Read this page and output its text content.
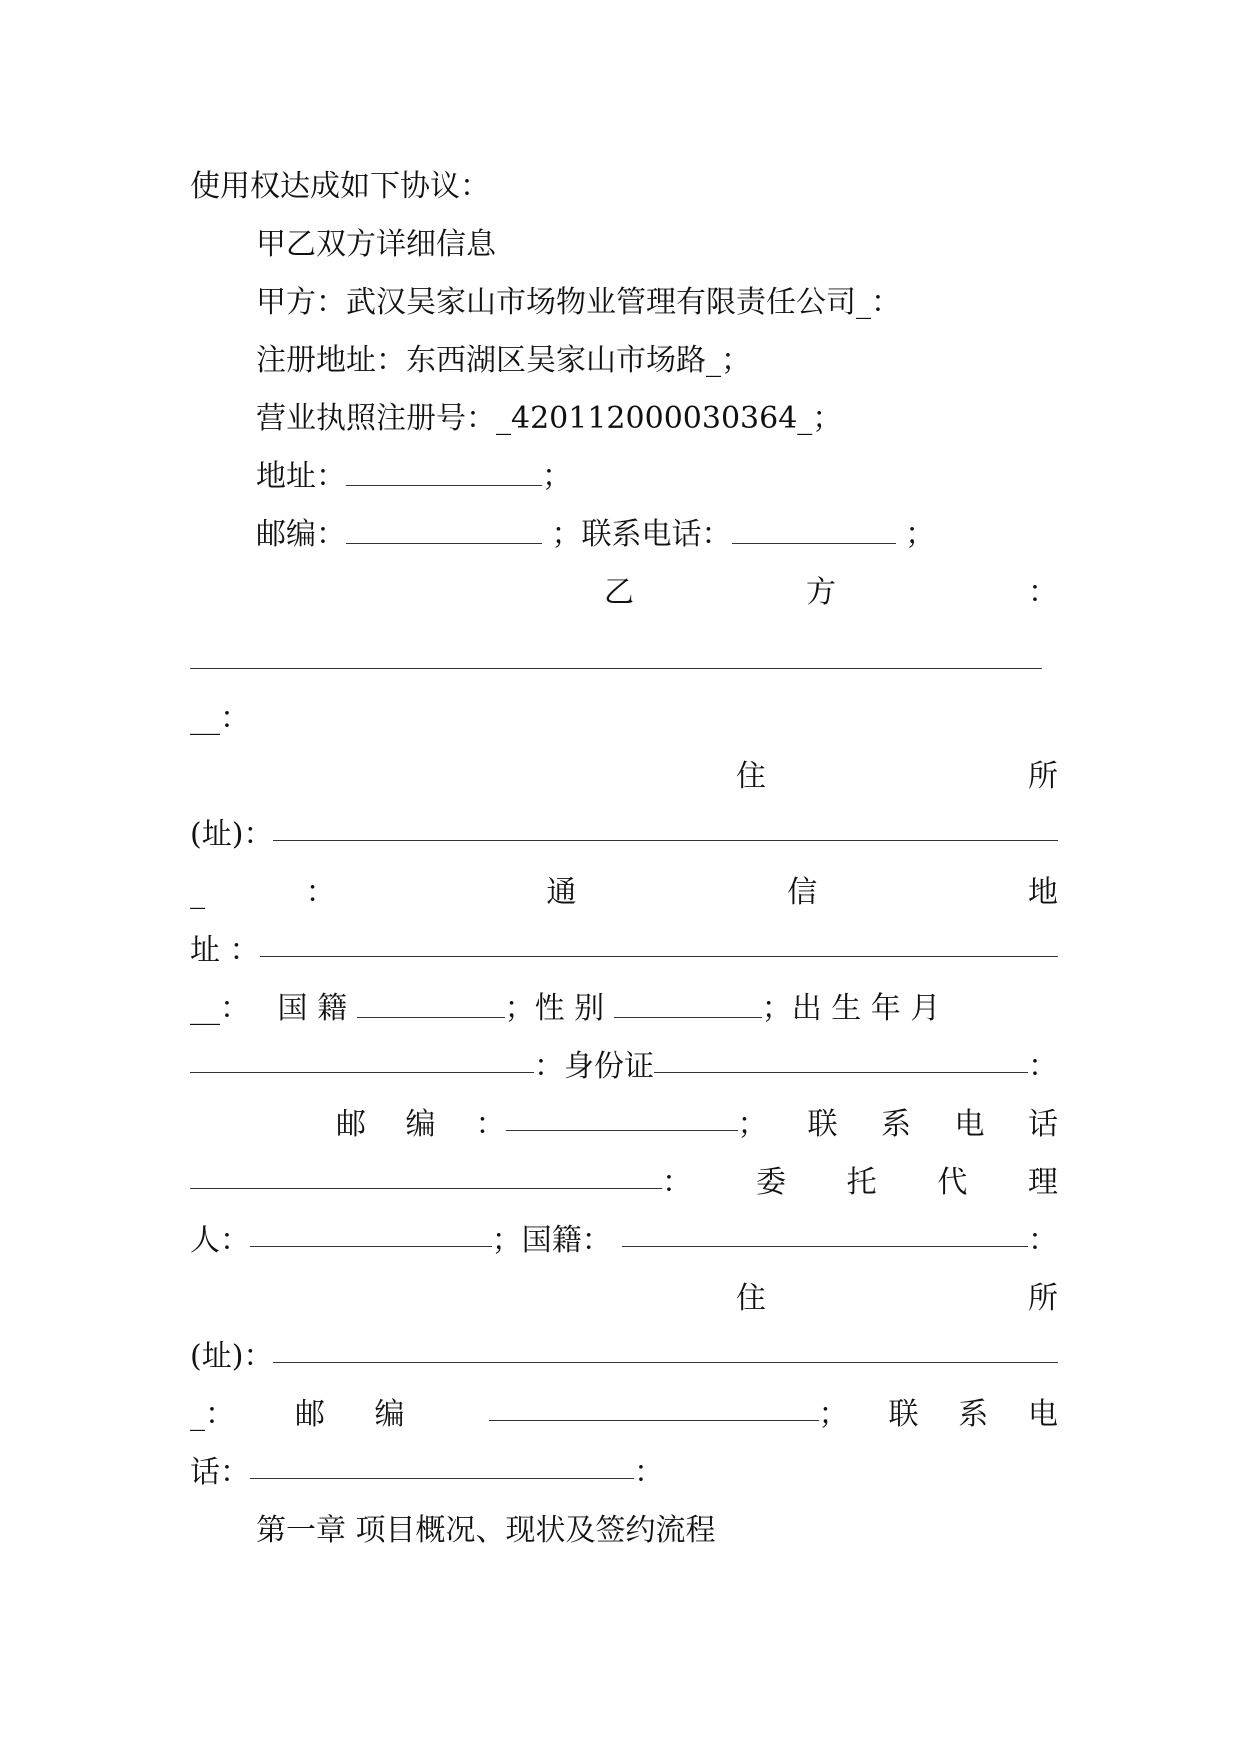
使用权达成如下协议：
甲乙双方详细信息
甲方：武汉吴家山市场物业管理有限责任公司_：
注册地址：东西湖区吴家山市场路_；
营业执照注册号：_420112000030364_；
地址：	；
邮编：	；联系电话：	；
乙	方	：
__：
住	所
(址)：
_：	通	信	地
址 ：
__： 国 籍	；性 别	；出 生 年 月
：身份证	：
邮 编 ：	； 联 系 电 话
： 委 托 代 理
人：	；国籍：	：
住	所
(址)：
_： 邮 编	； 联 系 电
话：	：
第一章 项目概况、现状及签约流程
